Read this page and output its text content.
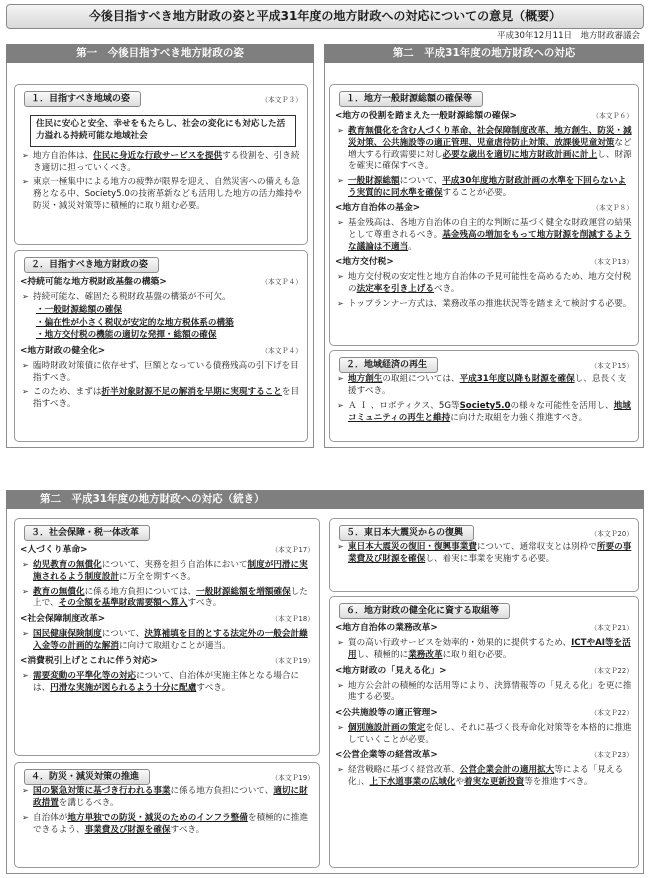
今後目指すべき地方財政の姿と平成31年度の地方財政への対応についての意見（概要）
平成30年12月11日　地方財政審議会
第一　今後目指すべき地方財政の姿
１．目指すべき地域の姿	（本文Ｐ３）
住民に安心と安全、幸せをもたらし、社会の変化にも対応した活力溢れる持続可能な地域社会
➢
地方自治体は、住民に身近な行政サービスを提供する役割を、引き続き適切に担っていくべき。
➢
東京一極集中による地方の疲弊が限界を迎え、自然災害への備えも急務となる中、Society5.0の技術革新なども活用した地方の活力維持や防災・減災対策等に積極的に取り組む必要。
２．目指すべき地方財政の姿
<持続可能な地方税財政基盤の構築>	（本文Ｐ４）
➢
持続可能な、確固たる税財政基盤の構築が不可欠。
・一般財源総額の確保
・偏在性が小さく税収が安定的な地方税体系の構築
・地方交付税の機能の適切な発揮・総額の確保
<地方財政の健全化>	（本文Ｐ４）
➢
臨時財政対策債に依存せず、巨額となっている債務残高の引下げを目指すべき。
➢
このため、まずは折半対象財源不足の解消を早期に実現することを目指すべき。
第二　平成31年度の地方財政への対応
１．地方一般財源総額の確保等
<地方の役割を踏まえた一般財源総額の確保>	（本文Ｐ６）
➢
教育無償化を含む人づくり革命、社会保障制度改革、地方創生、防災・減災対策、公共施設等の適正管理、児童虐待防止対策、放課後児童対策など増大する行政需要に対し必要な歳出を適切に地方財政計画に計上し、財源を確実に確保すべき。
➢
一般財源総額について、平成30年度地方財政計画の水準を下回らないよう実質的に同水準を確保することが必要。
<地方自治体の基金>	（本文Ｐ８）
➢
基金残高は、各地方自治体の自主的な判断に基づく健全な財政運営の結果として尊重されるべき。基金残高の増加をもって地方財源を削減するような議論は不適当。
<地方交付税>	（本文Ｐ13）
➢
地方交付税の安定性と地方自治体の予見可能性を高めるため、地方交付税の法定率を引き上げるべき。
➢
トップランナー方式は、業務改革の推進状況等を踏まえて検討する必要。
２．地域経済の再生	（本文Ｐ15）
➢
地方創生の取組については、平成31年度以降も財源を確保し、息長く支援すべき。
➢
Ａ Ｉ 、ロボティクス、5G等Society5.0の様々な可能性を活用し、地域コミュニティの再生と維持に向けた取組を力強く推進すべき。
第二　平成31年度の地方財政への対応（続き）
３．社会保障・税一体改革
<人づくり革命>	（本文Ｐ17）
➢
幼児教育の無償化について、実務を担う自治体において制度が円滑に実施されるよう制度設計に万全を期すべき。
➢
教育の無償化に係る地方負担については、一般財源総額を増額確保した上で、その全額を基準財政需要額へ算入すべき。
<社会保障制度改革>	（本文Ｐ18）
➢
国民健康保険制度について、決算補填を目的とする法定外の一般会計繰入金等の計画的な解消に向けて取組むことが適当。
<消費税引上げとこれに伴う対応>	（本文Ｐ19）
➢
需要変動の平準化等の対応について、自治体が実施主体となる場合には、円滑な実施が図られるよう十分に配慮すべき。
４．防災・減災対策の推進	（本文Ｐ19）
➢
国の緊急対策に基づき行われる事業に係る地方負担について、適切に財政措置を講じるべき。
➢
自治体が地方単独での防災・減災のためのインフラ整備を積極的に推進できるよう、事業費及び財源を確保すべき。
５．東日本大震災からの復興	（本文Ｐ20）
➢
東日本大震災の復旧・復興事業費について、通常収支とは別枠で所要の事業費及び財源を確保し、着実に事業を実施する必要。
６．地方財政の健全化に資する取組等
<地方自治体の業務改革>	（本文Ｐ21）
➢
質の高い行政サービスを効率的・効果的に提供するため、ICTやAI等を活用し、積極的に業務改革に取り組む必要。
<地方財政の「見える化」>	（本文Ｐ22）
➢
地方公会計の積極的な活用等により、決算情報等の「見える化」を更に推進する必要。
<公共施設等の適正管理>	（本文Ｐ22）
➢
個別施設計画の策定を促し、それに基づく長寿命化対策等を本格的に推進していくことが必要。
<公営企業等の経営改革>	（本文Ｐ23）
➢
経営戦略に基づく経営改革、公営企業会計の適用拡大等による「見える化」、上下水道事業の広域化や着実な更新投資等を推進すべき。
